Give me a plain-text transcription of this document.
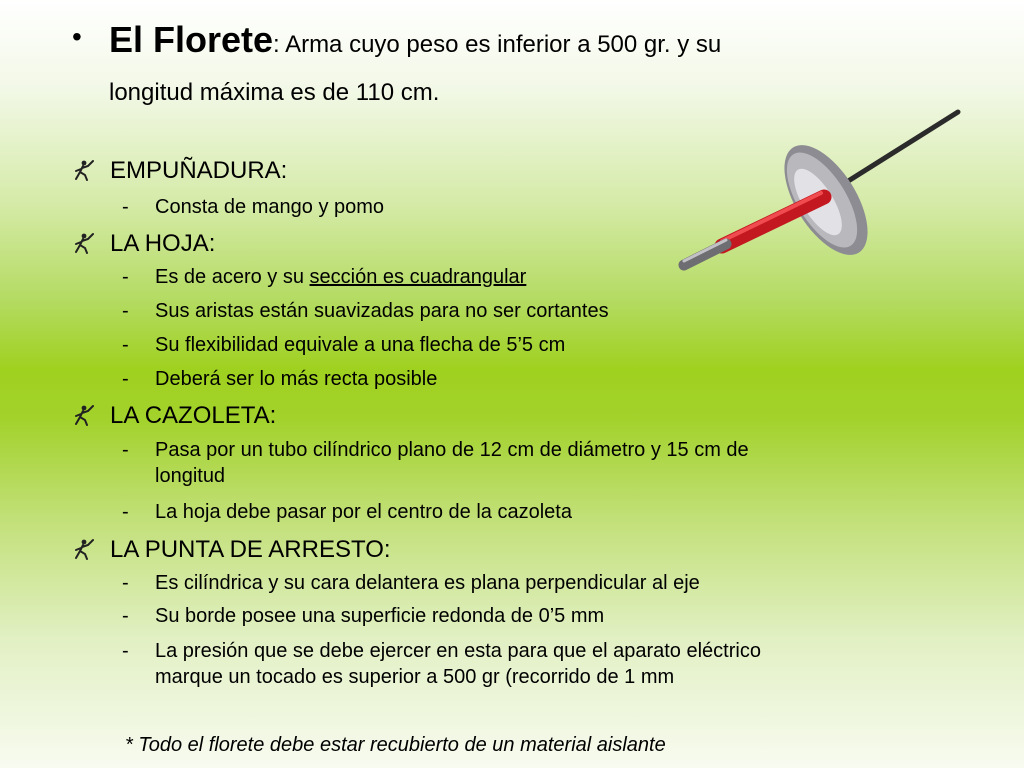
• El Florete: Arma cuyo peso es inferior a 500 gr. y su
longitud máxima es de 110 cm.
EMPUÑADURA:
- Consta de mango y pomo
LA HOJA:
- Es de acero y su sección es cuadrangular
- Sus aristas están suavizadas para no ser cortantes
- Su flexibilidad equivale a una flecha de 5’5 cm
- Deberá ser lo más recta posible
LA CAZOLETA:
- Pasa por un tubo cilíndrico plano de 12 cm de diámetro y 15 cm de
longitud
- La hoja debe pasar por el centro de la cazoleta
LA PUNTA DE ARRESTO:
- Es cilíndrica y su cara delantera es plana perpendicular al eje
- Su borde posee una superficie redonda de 0’5 mm
- La presión que se debe ejercer en esta para que el aparato eléctrico
marque un tocado es superior a 500 gr (recorrido de 1 mm
* Todo el florete debe estar recubierto de un material aislante
